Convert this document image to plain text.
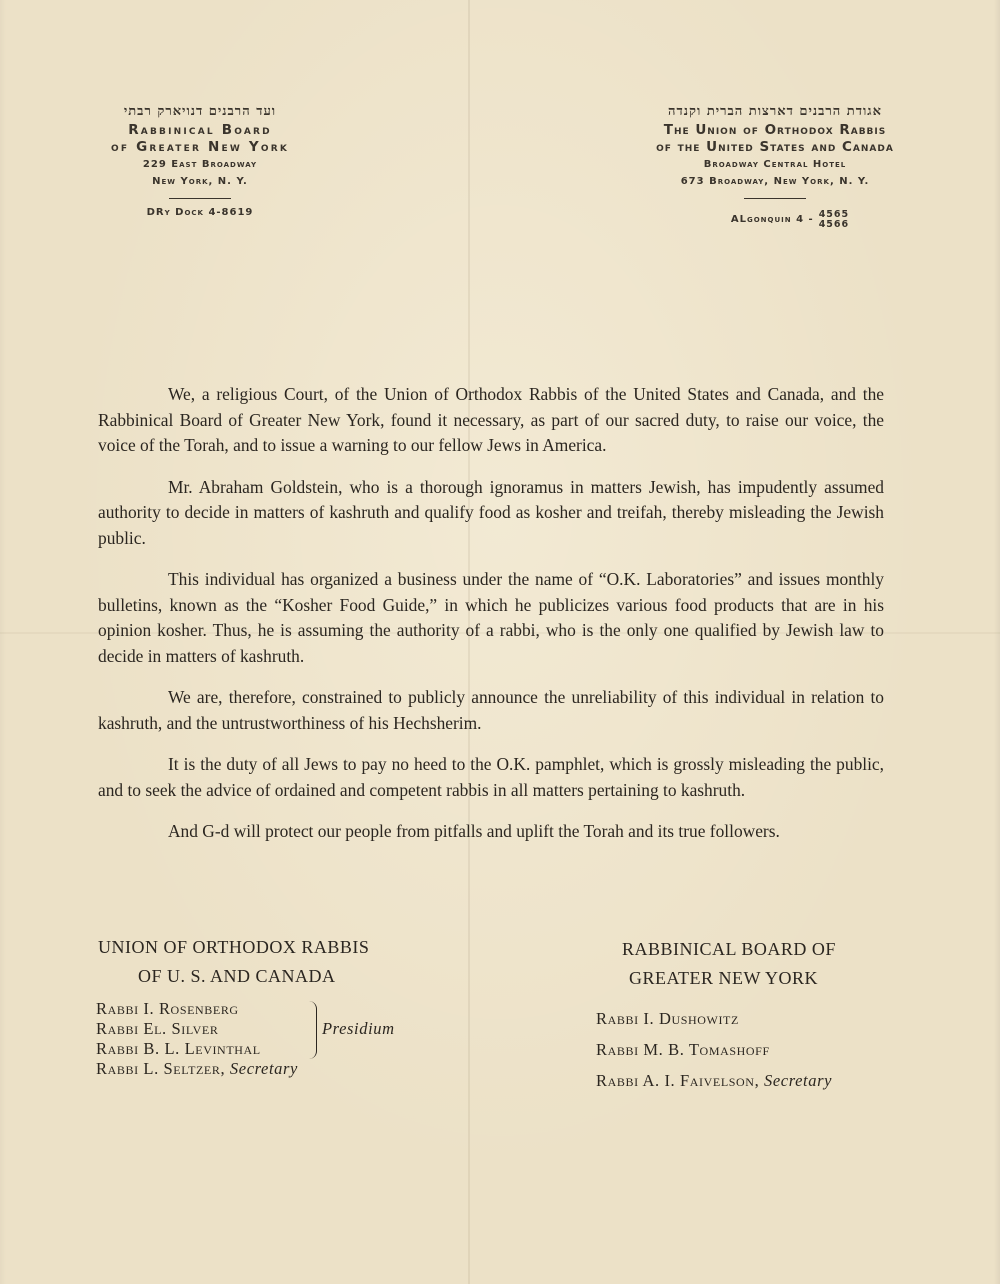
ועד הרבנים דנויארק רבתי
Rabbinical Board
of Greater New York
229 East Broadway
New York, N. Y.
DRy Dock 4-8619
אגודת הרבנים דארצות הברית וקנדה
The Union of Orthodox Rabbis
of the United States and Canada
Broadway Central Hotel
673 Broadway, New York, N. Y.
ALgonquin 4 - 4565
4566

We, a religious Court, of the Union of Orthodox Rabbis of the United States and Canada, and the Rabbinical Board of Greater New York, found it necessary, as part of our sacred duty, to raise our voice, the voice of the Torah, and to issue a warning to our fellow Jews in America.

Mr. Abraham Goldstein, who is a thorough ignoramus in matters Jewish, has impudently assumed authority to decide in matters of kashruth and qualify food as kosher and treifah, thereby misleading the Jewish public.

This individual has organized a business under the name of “O.K. Laboratories” and issues monthly bulletins, known as the “Kosher Food Guide,” in which he publicizes various food products that are in his opinion kosher. Thus, he is assuming the authority of a rabbi, who is the only one qualified by Jewish law to decide in matters of kashruth.

We are, therefore, constrained to publicly announce the unreliability of this individual in relation to kashruth, and the untrustworthiness of his Hechsherim.

It is the duty of all Jews to pay no heed to the O.K. pamphlet, which is grossly misleading the public, and to seek the advice of ordained and competent rabbis in all matters pertaining to kashruth.

And G-d will protect our people from pitfalls and uplift the Torah and its true followers.

UNION OF ORTHODOX RABBIS
OF U. S. AND CANADA
Rabbi I. Rosenberg
Rabbi El. Silver
Rabbi B. L. Levinthal
Rabbi L. Seltzer, Secretary
Presidium
RABBINICAL BOARD OF
GREATER NEW YORK
Rabbi I. Dushowitz
Rabbi M. B. Tomashoff
Rabbi A. I. Faivelson, Secretary
